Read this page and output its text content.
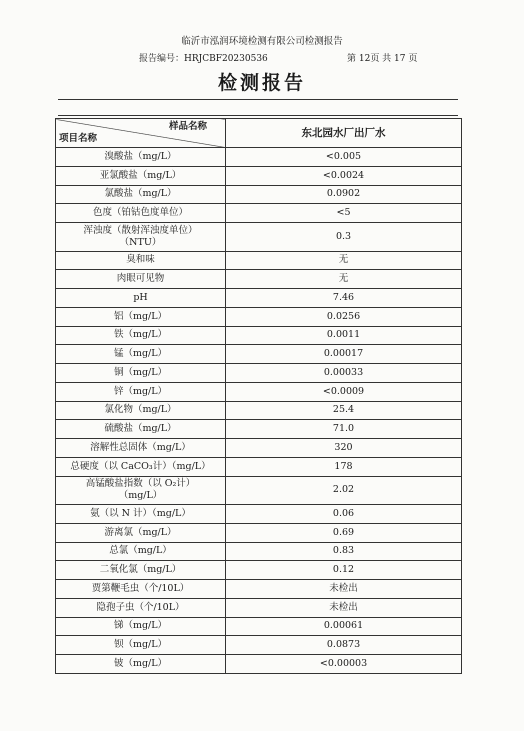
临沂市泓润环境检测有限公司检测报告
报告编号：HRJCBF20230536	第 12页 共 17 页
检测报告
样品名称
项目名称	东北园水厂出厂水
溴酸盐（mg/L）	<0.005
亚氯酸盐（mg/L）	<0.0024
氯酸盐（mg/L）	0.0902
色度（铂钴色度单位）	<5
浑浊度（散射浑浊度单位）
（NTU）	0.3
臭和味	无
肉眼可见物	无
pH	7.46
铝（mg/L）	0.0256
铁（mg/L）	0.0011
锰（mg/L）	0.00017
铜（mg/L）	0.00033
锌（mg/L）	<0.0009
氯化物（mg/L）	25.4
硫酸盐（mg/L）	71.0
溶解性总固体（mg/L）	320
总硬度（以 CaCO₃计）（mg/L）	178
高锰酸盐指数（以 O₂计）
（mg/L）	2.02
氨（以 N 计）（mg/L）	0.06
游离氯（mg/L）	0.69
总氯（mg/L）	0.83
二氧化氯（mg/L）	0.12
贾第鞭毛虫（个/10L）	未检出
隐孢子虫（个/10L）	未检出
锑（mg/L）	0.00061
钡（mg/L）	0.0873
铍（mg/L）	<0.00003
